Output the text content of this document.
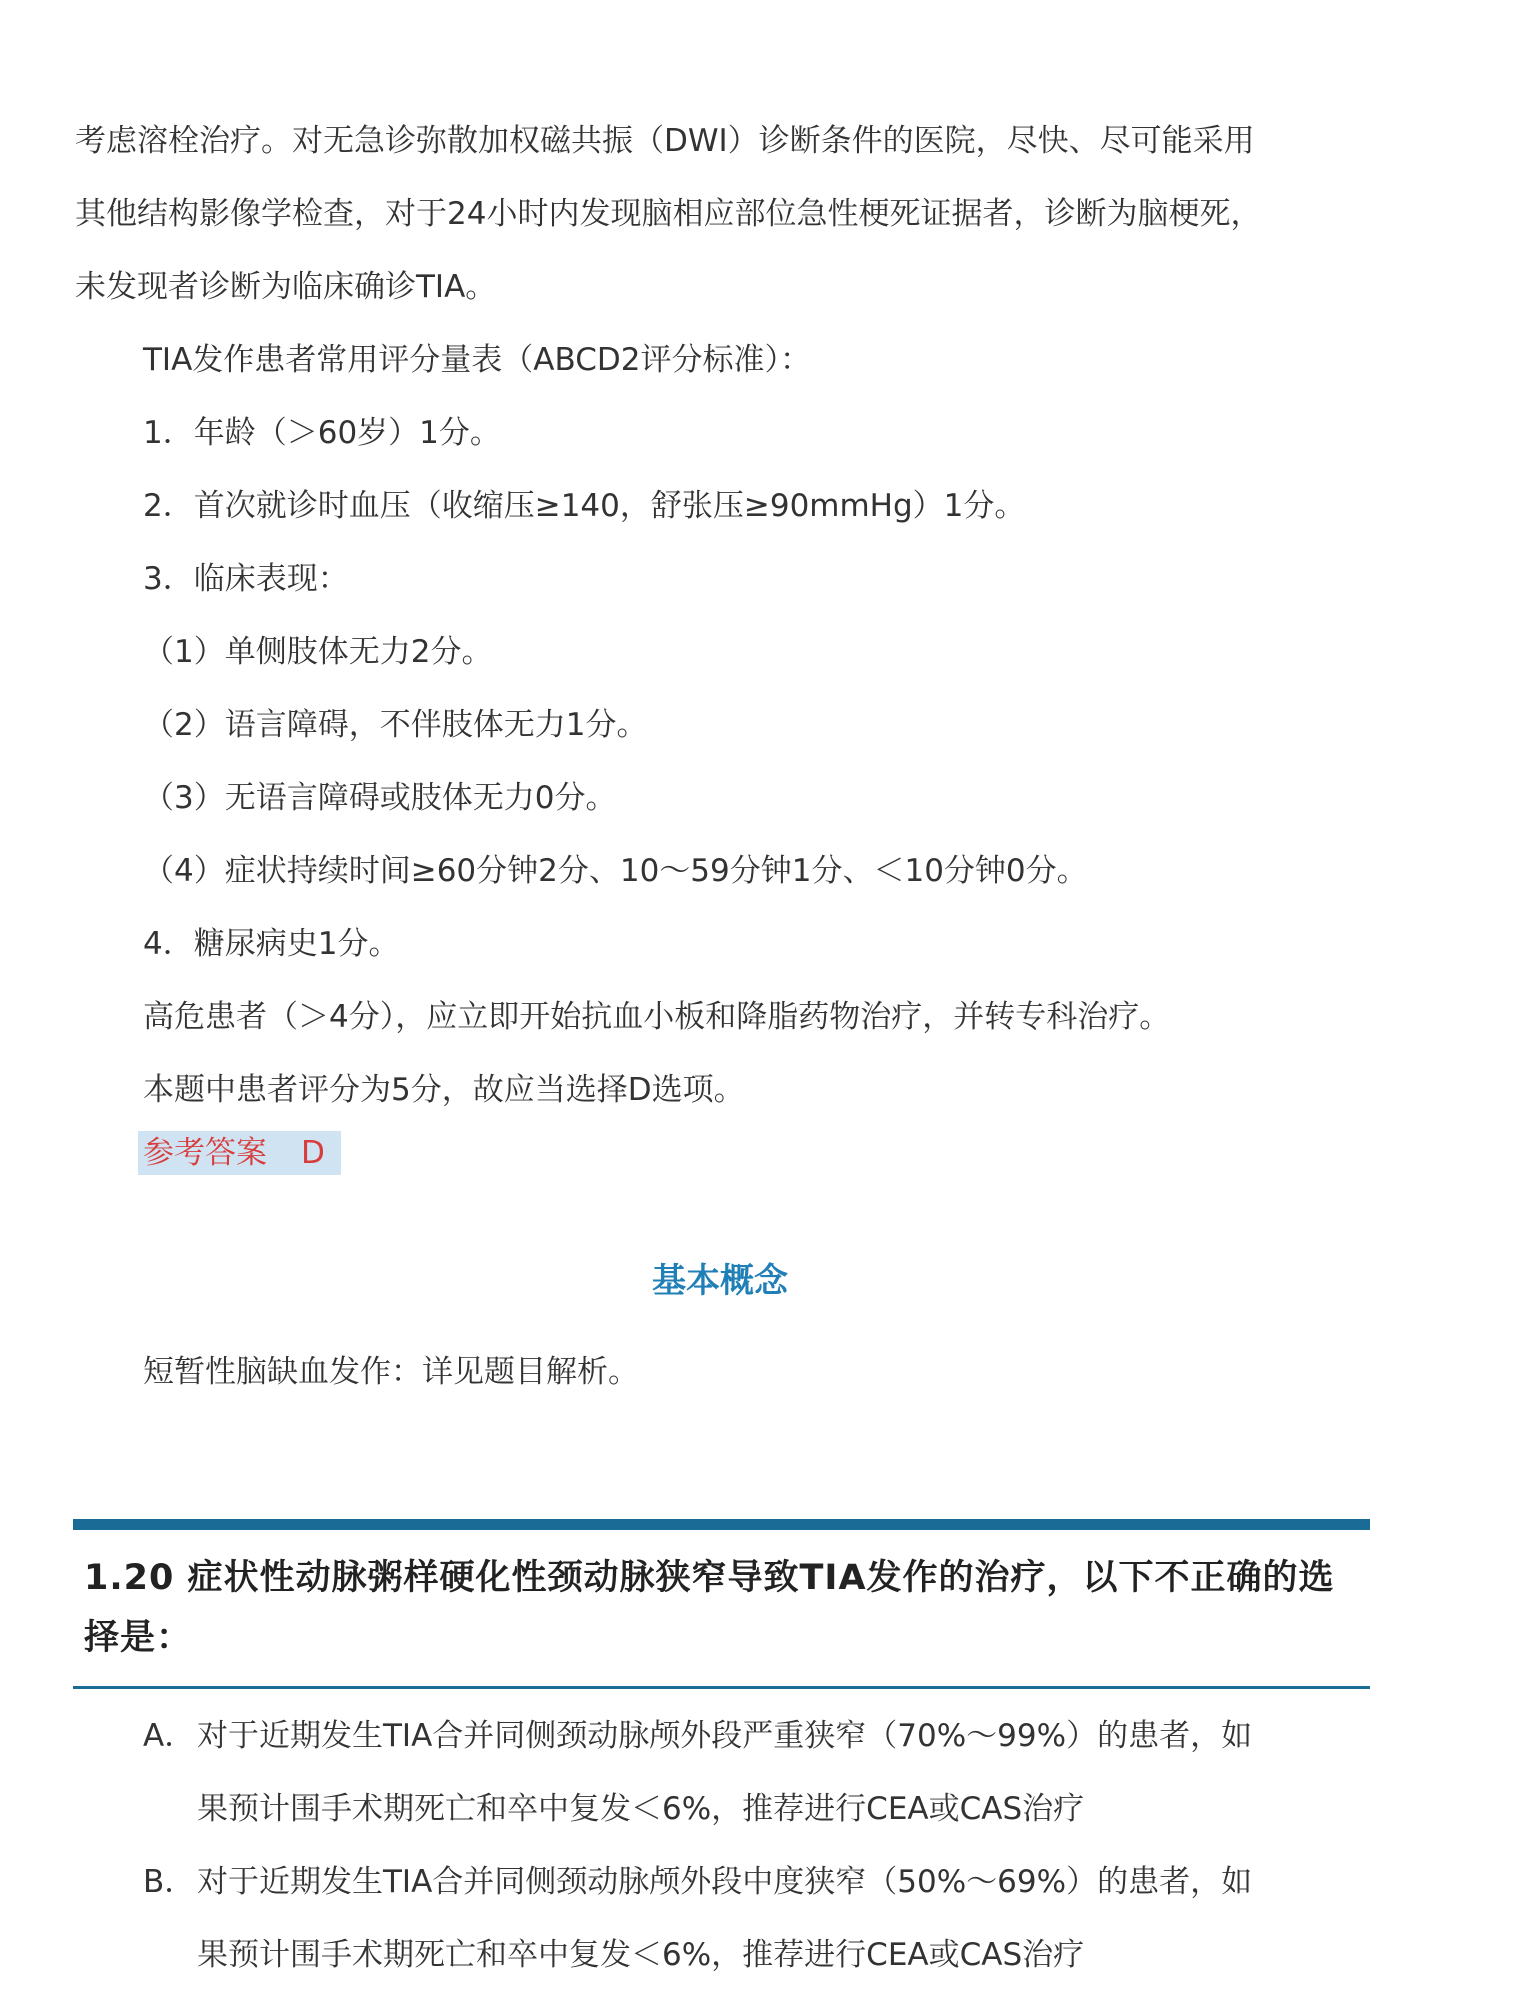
考虑溶栓治疗。对无急诊弥散加权磁共振（DWI）诊断条件的医院，尽快、尽可能采用

其他结构影像学检查，对于24小时内发现脑相应部位急性梗死证据者，诊断为脑梗死，

未发现者诊断为临床确诊TIA。

TIA发作患者常用评分量表（ABCD2评分标准）：

1．年龄（＞60岁）1分。

2．首次就诊时血压（收缩压≥140，舒张压≥90mmHg）1分。

3．临床表现：

（1）单侧肢体无力2分。

（2）语言障碍，不伴肢体无力1分。

（3）无语言障碍或肢体无力0分。

（4）症状持续时间≥60分钟2分、10～59分钟1分、＜10分钟0分。

4．糖尿病史1分。

高危患者（＞4分），应立即开始抗血小板和降脂药物治疗，并转专科治疗。

本题中患者评分为5分，故应当选择D选项。

参考答案 D
基本概念

短暂性脑缺血发作：详见题目解析。

1.20 症状性动脉粥样硬化性颈动脉狭窄导致TIA发作的治疗，以下不正确的选择是：

A．对于近期发生TIA合并同侧颈动脉颅外段严重狭窄（70%～99%）的患者，如
果预计围手术期死亡和卒中复发＜6%，推荐进行CEA或CAS治疗
B．对于近期发生TIA合并同侧颈动脉颅外段中度狭窄（50%～69%）的患者，如
果预计围手术期死亡和卒中复发＜6%，推荐进行CEA或CAS治疗
